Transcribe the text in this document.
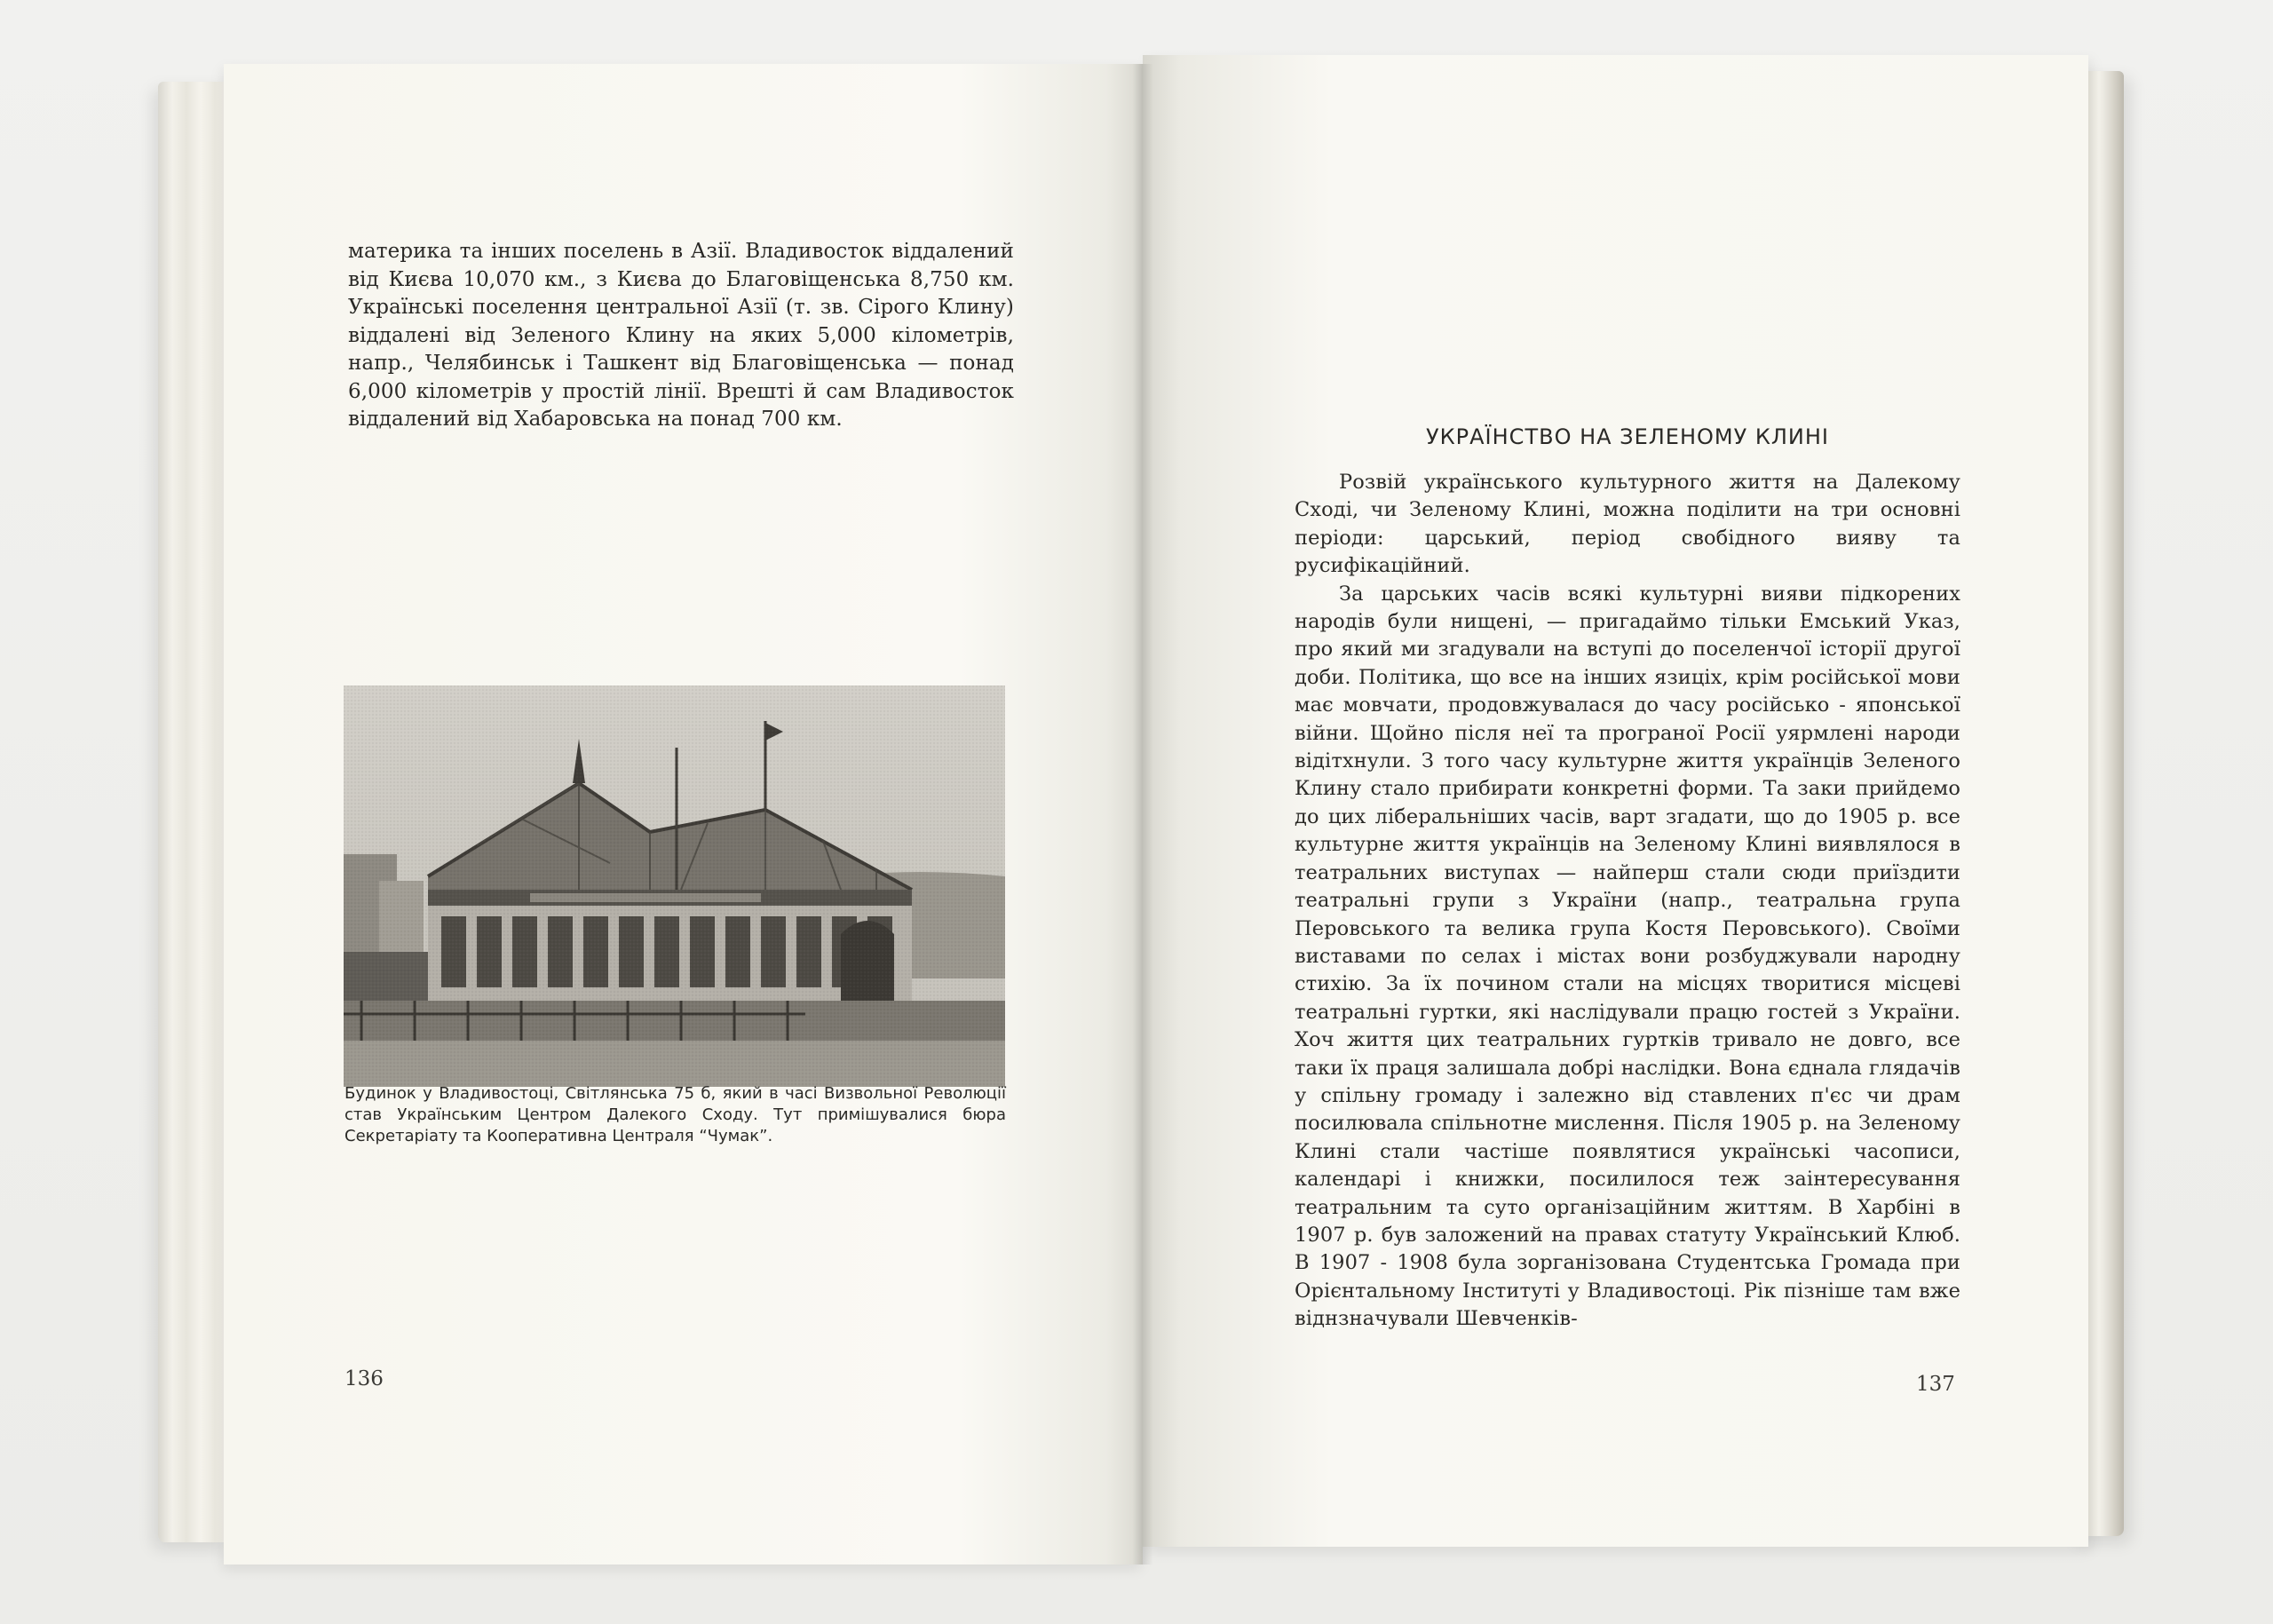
материка та інших поселень в Азії. Владивосток віддалений від Києва 10,070 км., з Києва до Благовіщенська 8,750 км. Українські поселення центральної Азії (т. зв. Сірого Клину) віддалені від Зеленого Клину на яких 5,000 кілометрів, напр., Челябинськ і Ташкент від Благовіщенська — понад 6,000 кілометрів у простій лінії. Врешті й сам Владивосток віддалений від Хабаровська на понад 700 км.

Будинок у Владивостоці, Світлянська 75 б, який в часі Визвольної Революції став Українським Центром Далекого Сходу. Тут примішувалися бюра Секретаріату та Кооперативна Централя “Чумак”.
136
УКРАЇНСТВО НА ЗЕЛЕНОМУ КЛИНІ

Розвій українського культурного життя на Далекому Сході, чи Зеленому Клині, можна поділити на три основні періоди: царський, період свобідного вияву та русифікаційний.

За царських часів всякі культурні вияви підкорених народів були нищені, — пригадаймо тільки Емський Указ, про який ми згадували на вступі до поселенчої історії другої доби. Політика, що все на інших язиціх, крім російської мови має мовчати, продовжувалася до часу російсько - японської війни. Щойно після неї та програної Росії уярмлені народи відітхнули. З того часу культурне життя українців Зеленого Клину стало прибирати конкретні форми. Та заки прийдемо до цих ліберальніших часів, варт згадати, що до 1905 р. все культурне життя українців на Зеленому Клині виявлялося в театральних виступах — найперш стали сюди приїздити театральні групи з України (напр., театральна група Перовського та велика група Костя Перовського). Своїми виставами по селах і містах вони розбуджували народну стихію. За їх почином стали на місцях творитися місцеві театральні гуртки, які наслідували працю гостей з України. Хоч життя цих театральних гуртків тривало не довго, все таки їх праця залишала добрі наслідки. Вона єднала глядачів у спільну громаду і залежно від ставлених п'єс чи драм посилювала спільнотне мислення. Після 1905 р. на Зеленому Клині стали частіше появлятися українські часописи, календарі і книжки, посилилося теж заінтересування театральним та суто організаційним життям. В Харбіні в 1907 р. був заложений на правах статуту Український Клюб. В 1907 - 1908 була зорганізована Студентська Громада при Орієнтальному Інституті у Владивостоці. Рік пізніше там вже віднзначували Шевченків-

137
